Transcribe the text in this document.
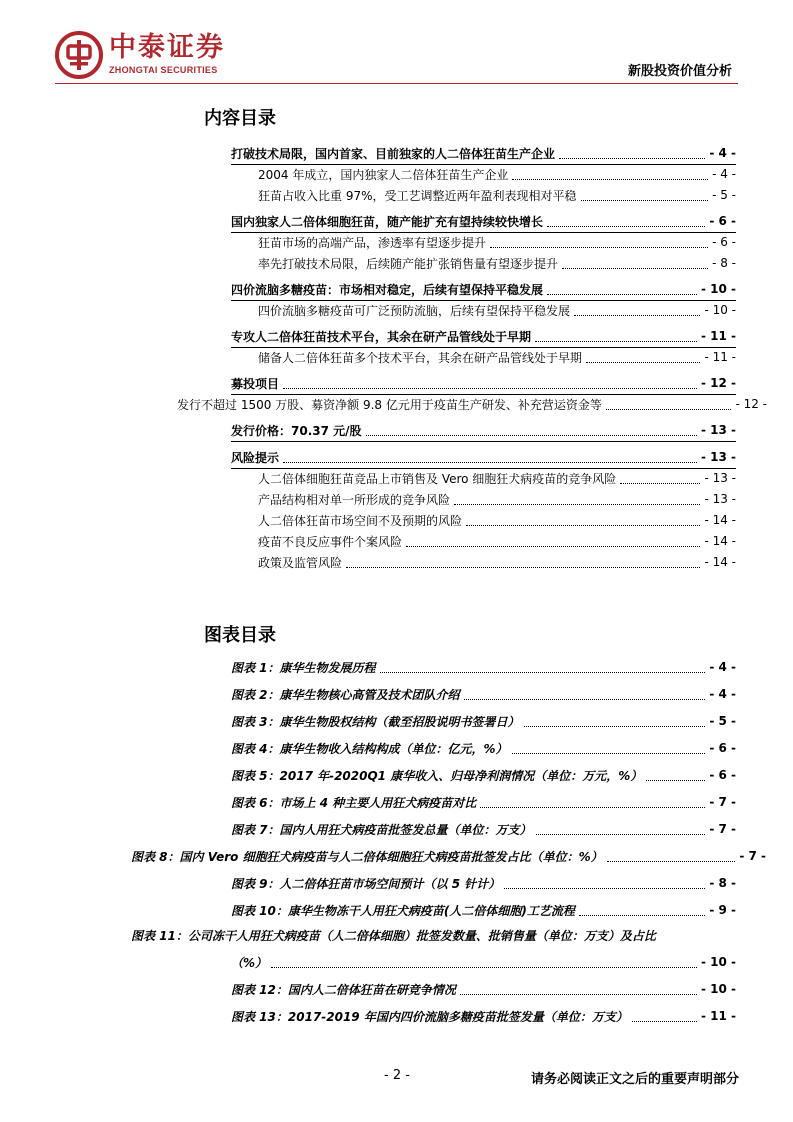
中泰证券
ZHONGTAI SECURITIES	新股投资价值分析
内容目录
打破技术局限，国内首家、目前独家的人二倍体狂苗生产企业	- 4 -
2004 年成立，国内独家人二倍体狂苗生产企业	- 4 -
狂苗占收入比重 97%，受工艺调整近两年盈利表现相对平稳	- 5 -
国内独家人二倍体细胞狂苗，随产能扩充有望持续较快增长	- 6 -
狂苗市场的高端产品，渗透率有望逐步提升	- 6 -
率先打破技术局限，后续随产能扩张销售量有望逐步提升	- 8 -
四价流脑多糖疫苗：市场相对稳定，后续有望保持平稳发展	- 10 -
四价流脑多糖疫苗可广泛预防流脑，后续有望保持平稳发展	- 10 -
专攻人二倍体狂苗技术平台，其余在研产品管线处于早期	- 11 -
储备人二倍体狂苗多个技术平台，其余在研产品管线处于早期	- 11 -
募投项目	- 12 -
发行不超过 1500 万股、募资净额 9.8 亿元用于疫苗生产研发、补充营运资金等	- 12 -
发行价格：70.37 元/股	- 13 -
风险提示	- 13 -
人二倍体细胞狂苗竞品上市销售及 Vero 细胞狂犬病疫苗的竞争风险	- 13 -
产品结构相对单一所形成的竞争风险	- 13 -
人二倍体狂苗市场空间不及预期的风险	- 14 -
疫苗不良反应事件个案风险	- 14 -
政策及监管风险	- 14 -
图表目录
图表 1：康华生物发展历程	- 4 -
图表 2：康华生物核心高管及技术团队介绍	- 4 -
图表 3：康华生物股权结构（截至招股说明书签署日）	- 5 -
图表 4：康华生物收入结构构成（单位：亿元，%）	- 6 -
图表 5：2017 年-2020Q1 康华收入、归母净利润情况（单位：万元，%）	- 6 -
图表 6：市场上 4 种主要人用狂犬病疫苗对比	- 7 -
图表 7：国内人用狂犬病疫苗批签发总量（单位：万支）	- 7 -
图表 8：国内 Vero 细胞狂犬病疫苗与人二倍体细胞狂犬病疫苗批签发占比（单位：%）	- 7 -
图表 9：人二倍体狂苗市场空间预计（以 5 针计）	- 8 -
图表 10：康华生物冻干人用狂犬病疫苗(人二倍体细胞)工艺流程	- 9 -
图表 11：公司冻干人用狂犬病疫苗（人二倍体细胞）批签发数量、批销售量（单位：万支）及占比
（%）	- 10 -
图表 12：国内人二倍体狂苗在研竞争情况	- 10 -
图表 13：2017-2019 年国内四价流脑多糖疫苗批签发量（单位：万支）	- 11 -
- 2 -	请务必阅读正文之后的重要声明部分
